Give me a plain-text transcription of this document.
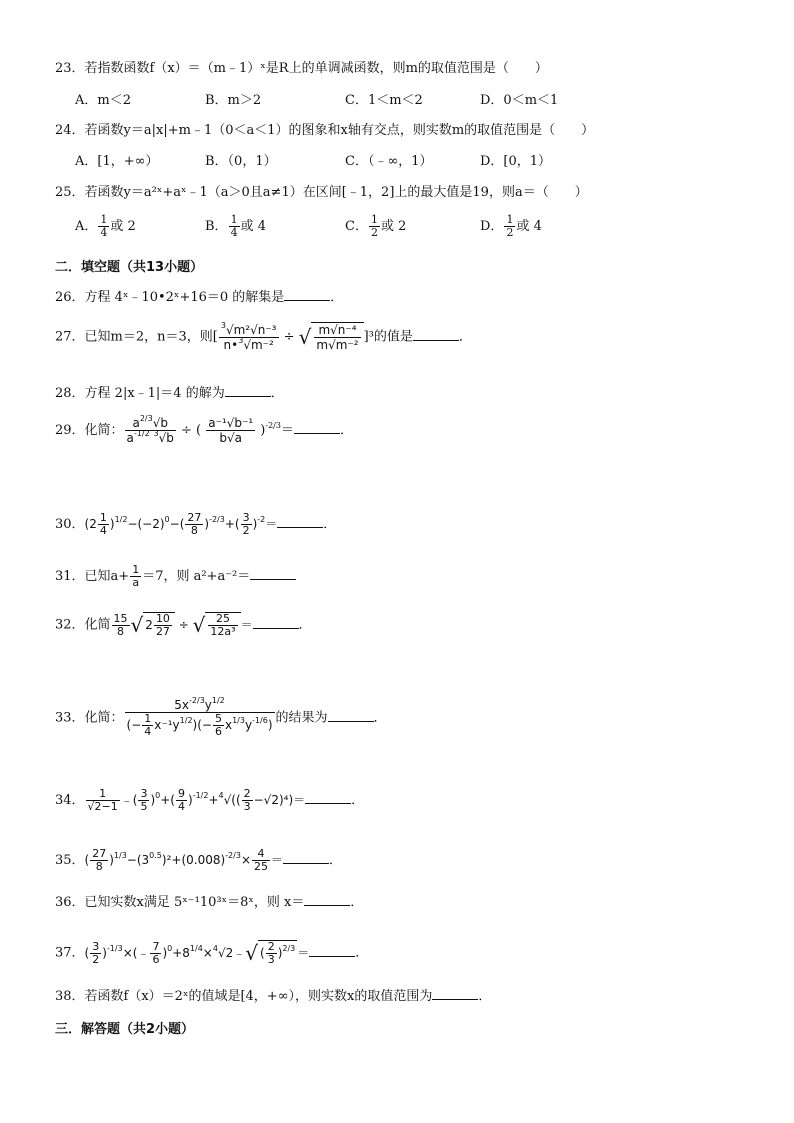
23．若指数函数f（x）＝（m﹣1）ˣ是R上的单调减函数，则m的取值范围是（　　）
A．m＜2	B．m＞2	C．1＜m＜2	D．0＜m＜1
24．若函数y＝a|x|+m﹣1（0＜a＜1）的图象和x轴有交点，则实数m的取值范围是（　　）
A．[1，+∞）	B．（0，1）	C．（﹣∞，1）	D．[0，1）
25．若函数y＝a²ˣ+aˣ﹣1（a＞0且a≠1）在区间[﹣1，2]上的最大值是19，则a＝（　　）
A． $\frac{1}{4}$ 或 2	B． $\frac{1}{4}$ 或 4	C． $\frac{1}{2}$ 或 2	D． $\frac{1}{2}$ 或 4
二．填空题（共13小题）
26．方程 4ˣ﹣10•2ˣ+16＝0 的解集是	．
27．已知m＝2，n＝3，则[ $\frac{^3√m^2√n^{-3}}{n•^3√m^{-2}}$ ÷ √ $\frac{\text{m√n⁻⁴}}{\text{m√m⁻²}} ]^3$的值是	．
28．方程 2|x﹣1|＝4 的解为	．
29．化简： $\frac{a^{2/3}√b}{a^{-1/2} ^3√b}$ ÷ ( $\frac{\text{a⁻¹√b⁻¹}}{b√a} )^{-2/3}=$	．
30．$(2 \frac{1}{4} )^{1/2}-(-2)^0-( \frac{27}{8} )^{-2/3}+( \frac{3}{2} )^{-2}=$	．
31．已知$a+ \frac{1}{a} =7$，则 a²+a⁻²＝
32．化简 $\frac{15}{8}$ √ $2 \frac{10}{27}$ ÷ √ $\frac{25}{\text{12a³}}$ ＝	．
33．化简： $\frac{5x^{-2/3}y^{1/2}}{(- \frac{1}{4} x^{-1}y^{1/2})(- \frac{5}{6} x^{1/3}y^{-1/6})}$ 的结果为	．
34． $\frac{1}{√2-1}$ ﹣( $\frac{3}{5} )^0+( \frac{9}{4} )^{-1/2}+^4√(( \frac{2}{3} -√2)^4)=$	．
35．( $\frac{27}{8} )^{1/3}-(3^{0.5})^2+(0.008)^{-2/3}\times \frac{4}{25}$ ＝	．
36．已知实数x满足 5ˣ⁻¹10³ˣ＝8ˣ，则 x＝	．
37．( $\frac{3}{2}$ )$^{-1/3}$×(﹣ $\frac{7}{6}$ )$^0+8^{1/4}\times^4√2﹣√$ ( $\frac{2}{3} )^{2/3}$ ＝	．
38．若函数f（x）＝2ˣ的值域是[4，+∞），则实数x的取值范围为	．
三．解答题（共2小题）
